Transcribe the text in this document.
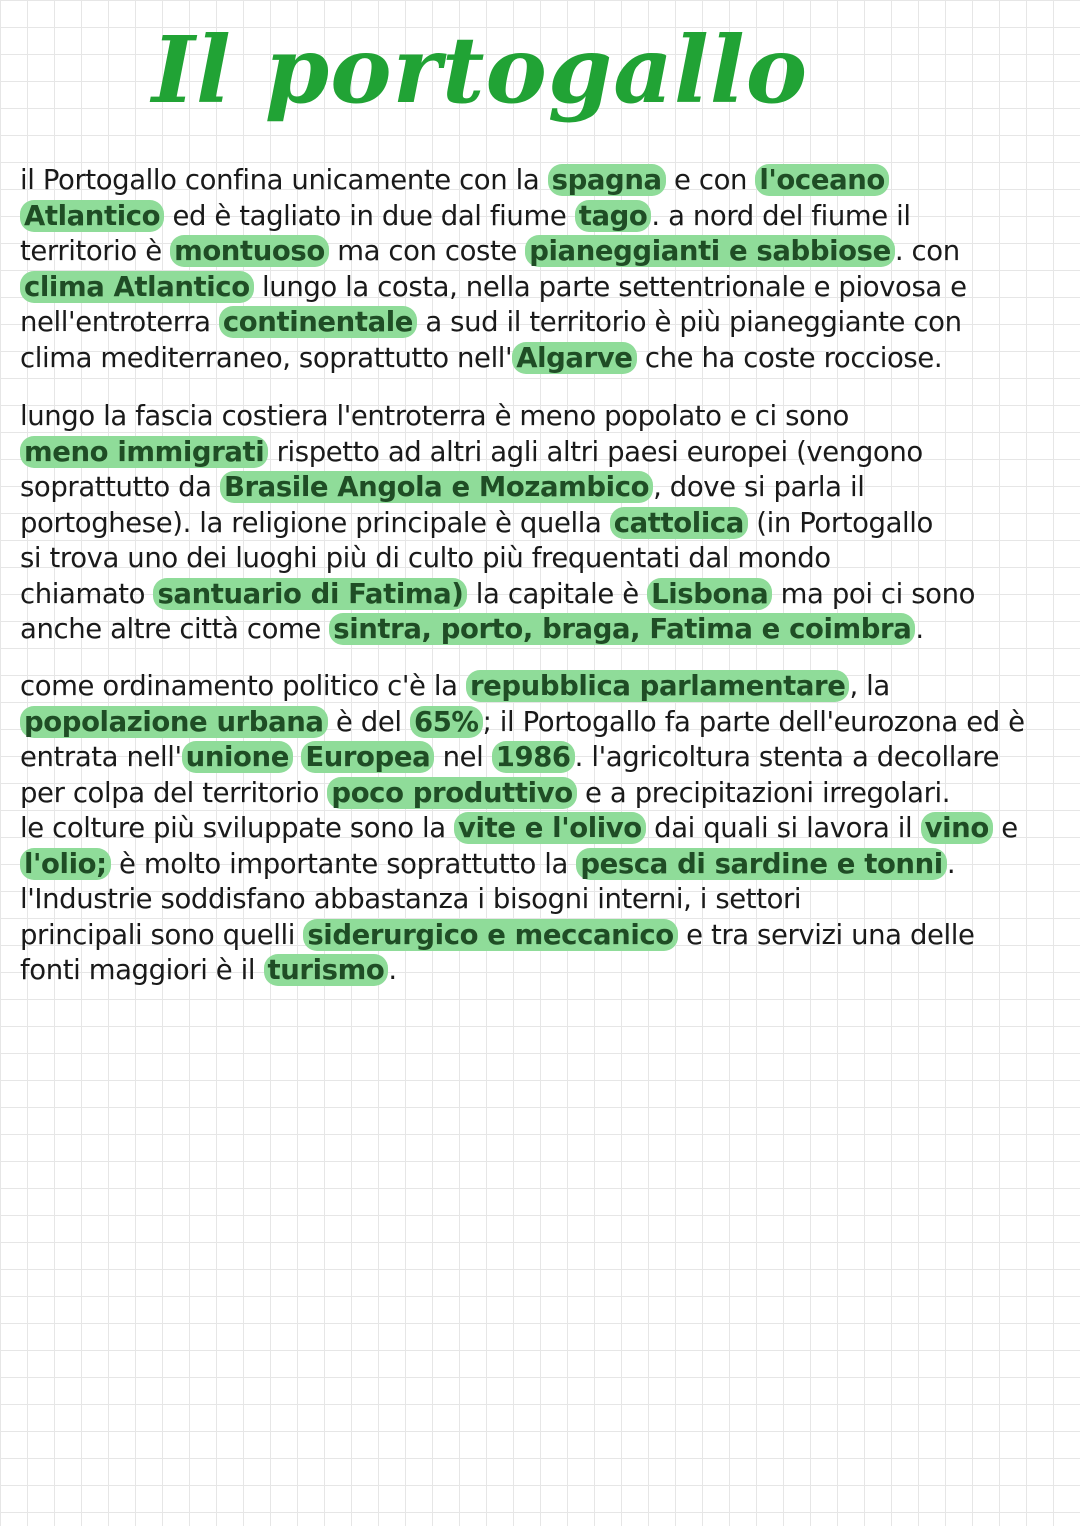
Il portogallo
il Portogallo confina unicamente con la spagna e con l'oceano
Atlantico ed è tagliato in due dal fiume tago . a nord del fiume il
territorio è montuoso ma con coste pianeggianti e sabbiose . con
clima Atlantico lungo la costa, nella parte settentrionale e piovosa e
nell'entroterra continentale a sud il territorio è più pianeggiante con
clima mediterraneo, soprattutto nell' Algarve che ha coste rocciose.
lungo la fascia costiera l'entroterra è meno popolato e ci sono
meno immigrati rispetto ad altri agli altri paesi europei (vengono
soprattutto da Brasile Angola e Mozambico , dove si parla il
portoghese). la religione principale è quella cattolica (in Portogallo
si trova uno dei luoghi più di culto più frequentati dal mondo
chiamato santuario di Fatima) la capitale è Lisbona ma poi ci sono
anche altre città come sintra, porto, braga, Fatima e coimbra .
come ordinamento politico c'è la repubblica parlamentare , la
popolazione urbana è del 65% ; il Portogallo fa parte dell'eurozona ed è
entrata nell' unione Europea nel 1986 . l'agricoltura stenta a decollare
per colpa del territorio poco produttivo e a precipitazioni irregolari.
le colture più sviluppate sono la vite e l'olivo dai quali si lavora il vino e
l'olio; è molto importante soprattutto la pesca di sardine e tonni .
l'Industrie soddisfano abbastanza i bisogni interni, i settori
principali sono quelli siderurgico e meccanico e tra servizi una delle
fonti maggiori è il turismo .
